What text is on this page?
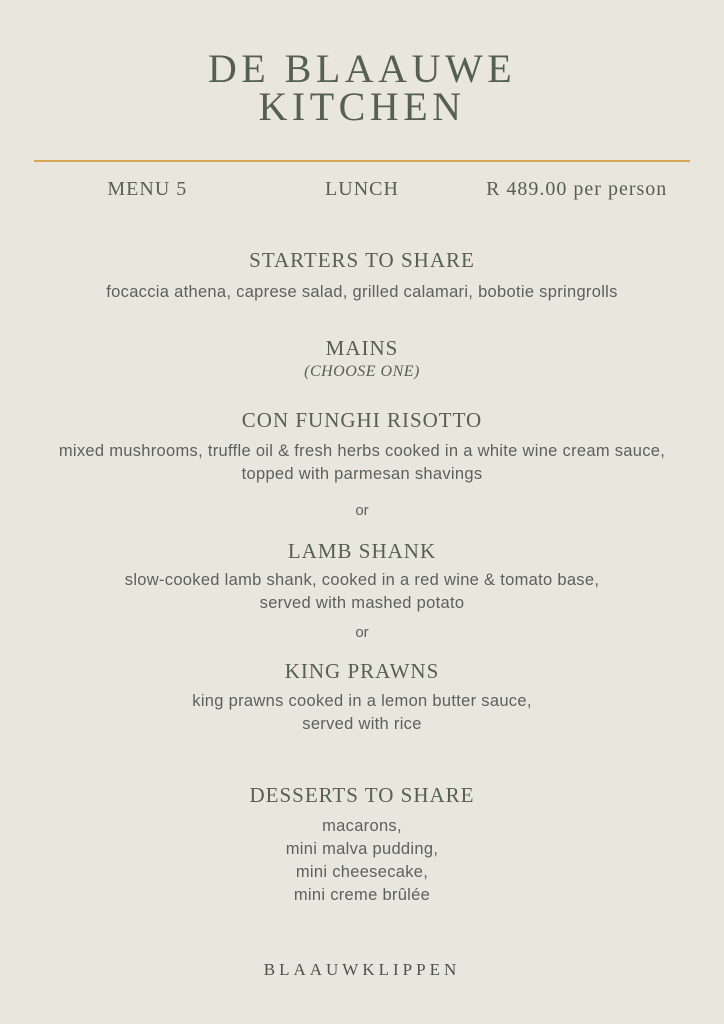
DE BLAAUWE
KITCHEN
MENU 5	LUNCH	R 489.00 per person
STARTERS TO SHARE

focaccia athena, caprese salad, grilled calamari, bobotie springrolls

MAINS
(CHOOSE ONE)
CON FUNGHI RISOTTO
mixed mushrooms, truffle oil & fresh herbs cooked in a white wine cream sauce,
topped with parmesan shavings
or
LAMB SHANK
slow-cooked lamb shank, cooked in a red wine & tomato base,
served with mashed potato
or
KING PRAWNS
king prawns cooked in a lemon butter sauce,
served with rice
DESSERTS TO SHARE
macarons,
mini malva pudding,
mini cheesecake,
mini creme brûlée
BLAAUWKLIPPEN
